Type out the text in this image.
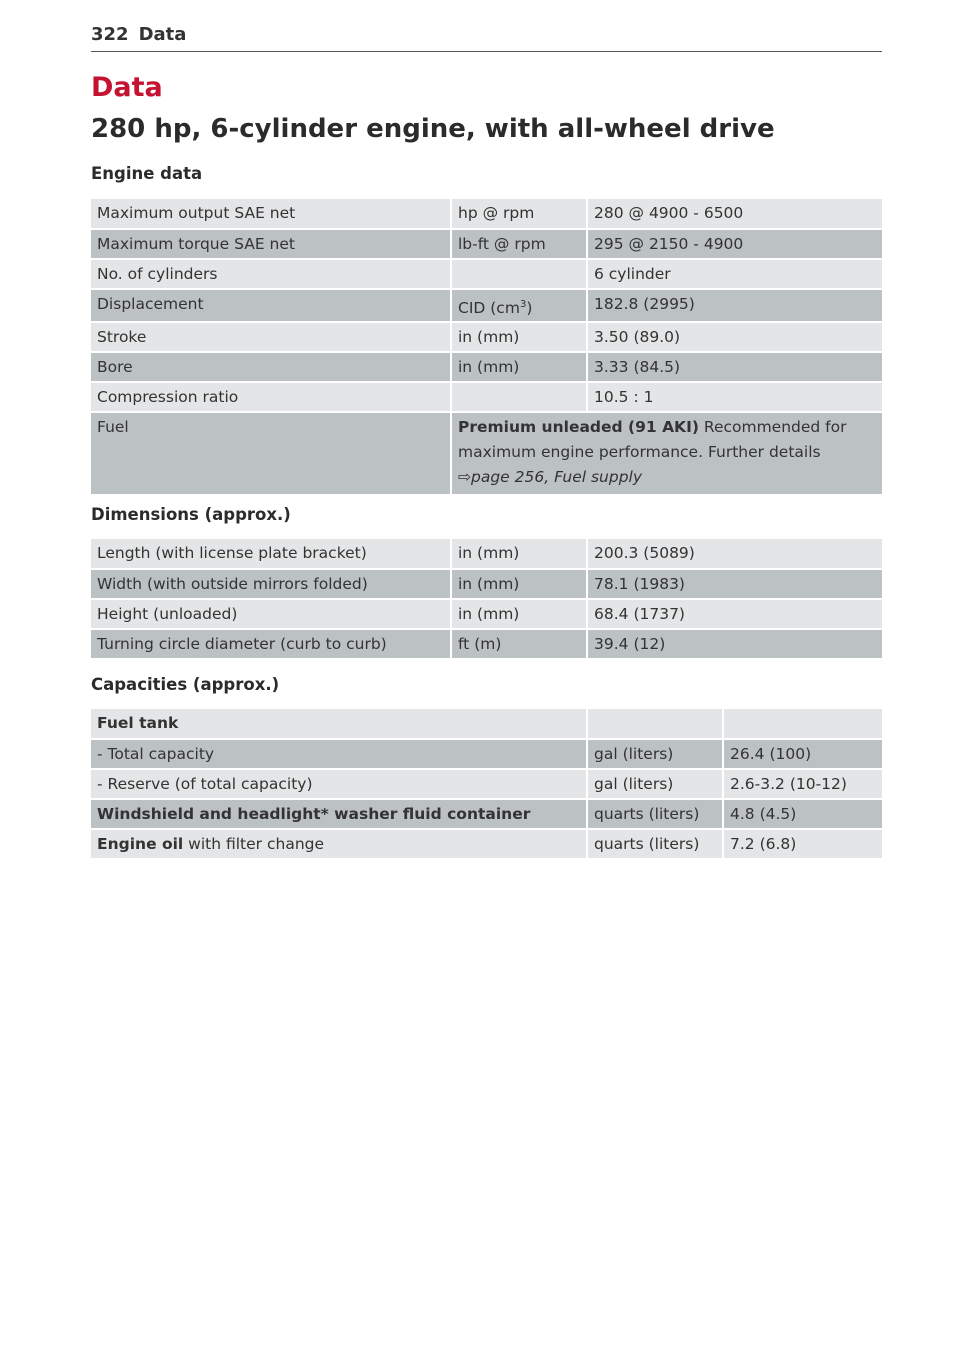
322 Data
Data
280 hp, 6-cylinder engine, with all-wheel drive
Engine data
Maximum output SAE net	hp @ rpm	280 @ 4900 - 6500
Maximum torque SAE net	lb-ft @ rpm	295 @ 2150 - 4900
No. of cylinders		6 cylinder
Displacement	CID $(cm^3)$	182.8 (2995)
Stroke	in (mm)	3.50 (89.0)
Bore	in (mm)	3.33 (84.5)
Compression ratio		10.5 : 1
Fuel	Premium unleaded (91 AKI) Recommended for maximum engine performance. Further details
⇨page 256, Fuel supply	
Dimensions (approx.)
Length (with license plate bracket)	in (mm)	200.3 (5089)
Width (with outside mirrors folded)	in (mm)	78.1 (1983)
Height (unloaded)	in (mm)	68.4 (1737)
Turning circle diameter (curb to curb)	ft (m)	39.4 (12)
Capacities (approx.)
Fuel tank		
- Total capacity	gal (liters)	26.4 (100)
- Reserve (of total capacity)	gal (liters)	2.6-3.2 (10-12)
Windshield and headlight* washer fluid container	quarts (liters)	4.8 (4.5)
Engine oil with filter change	quarts (liters)	7.2 (6.8)
